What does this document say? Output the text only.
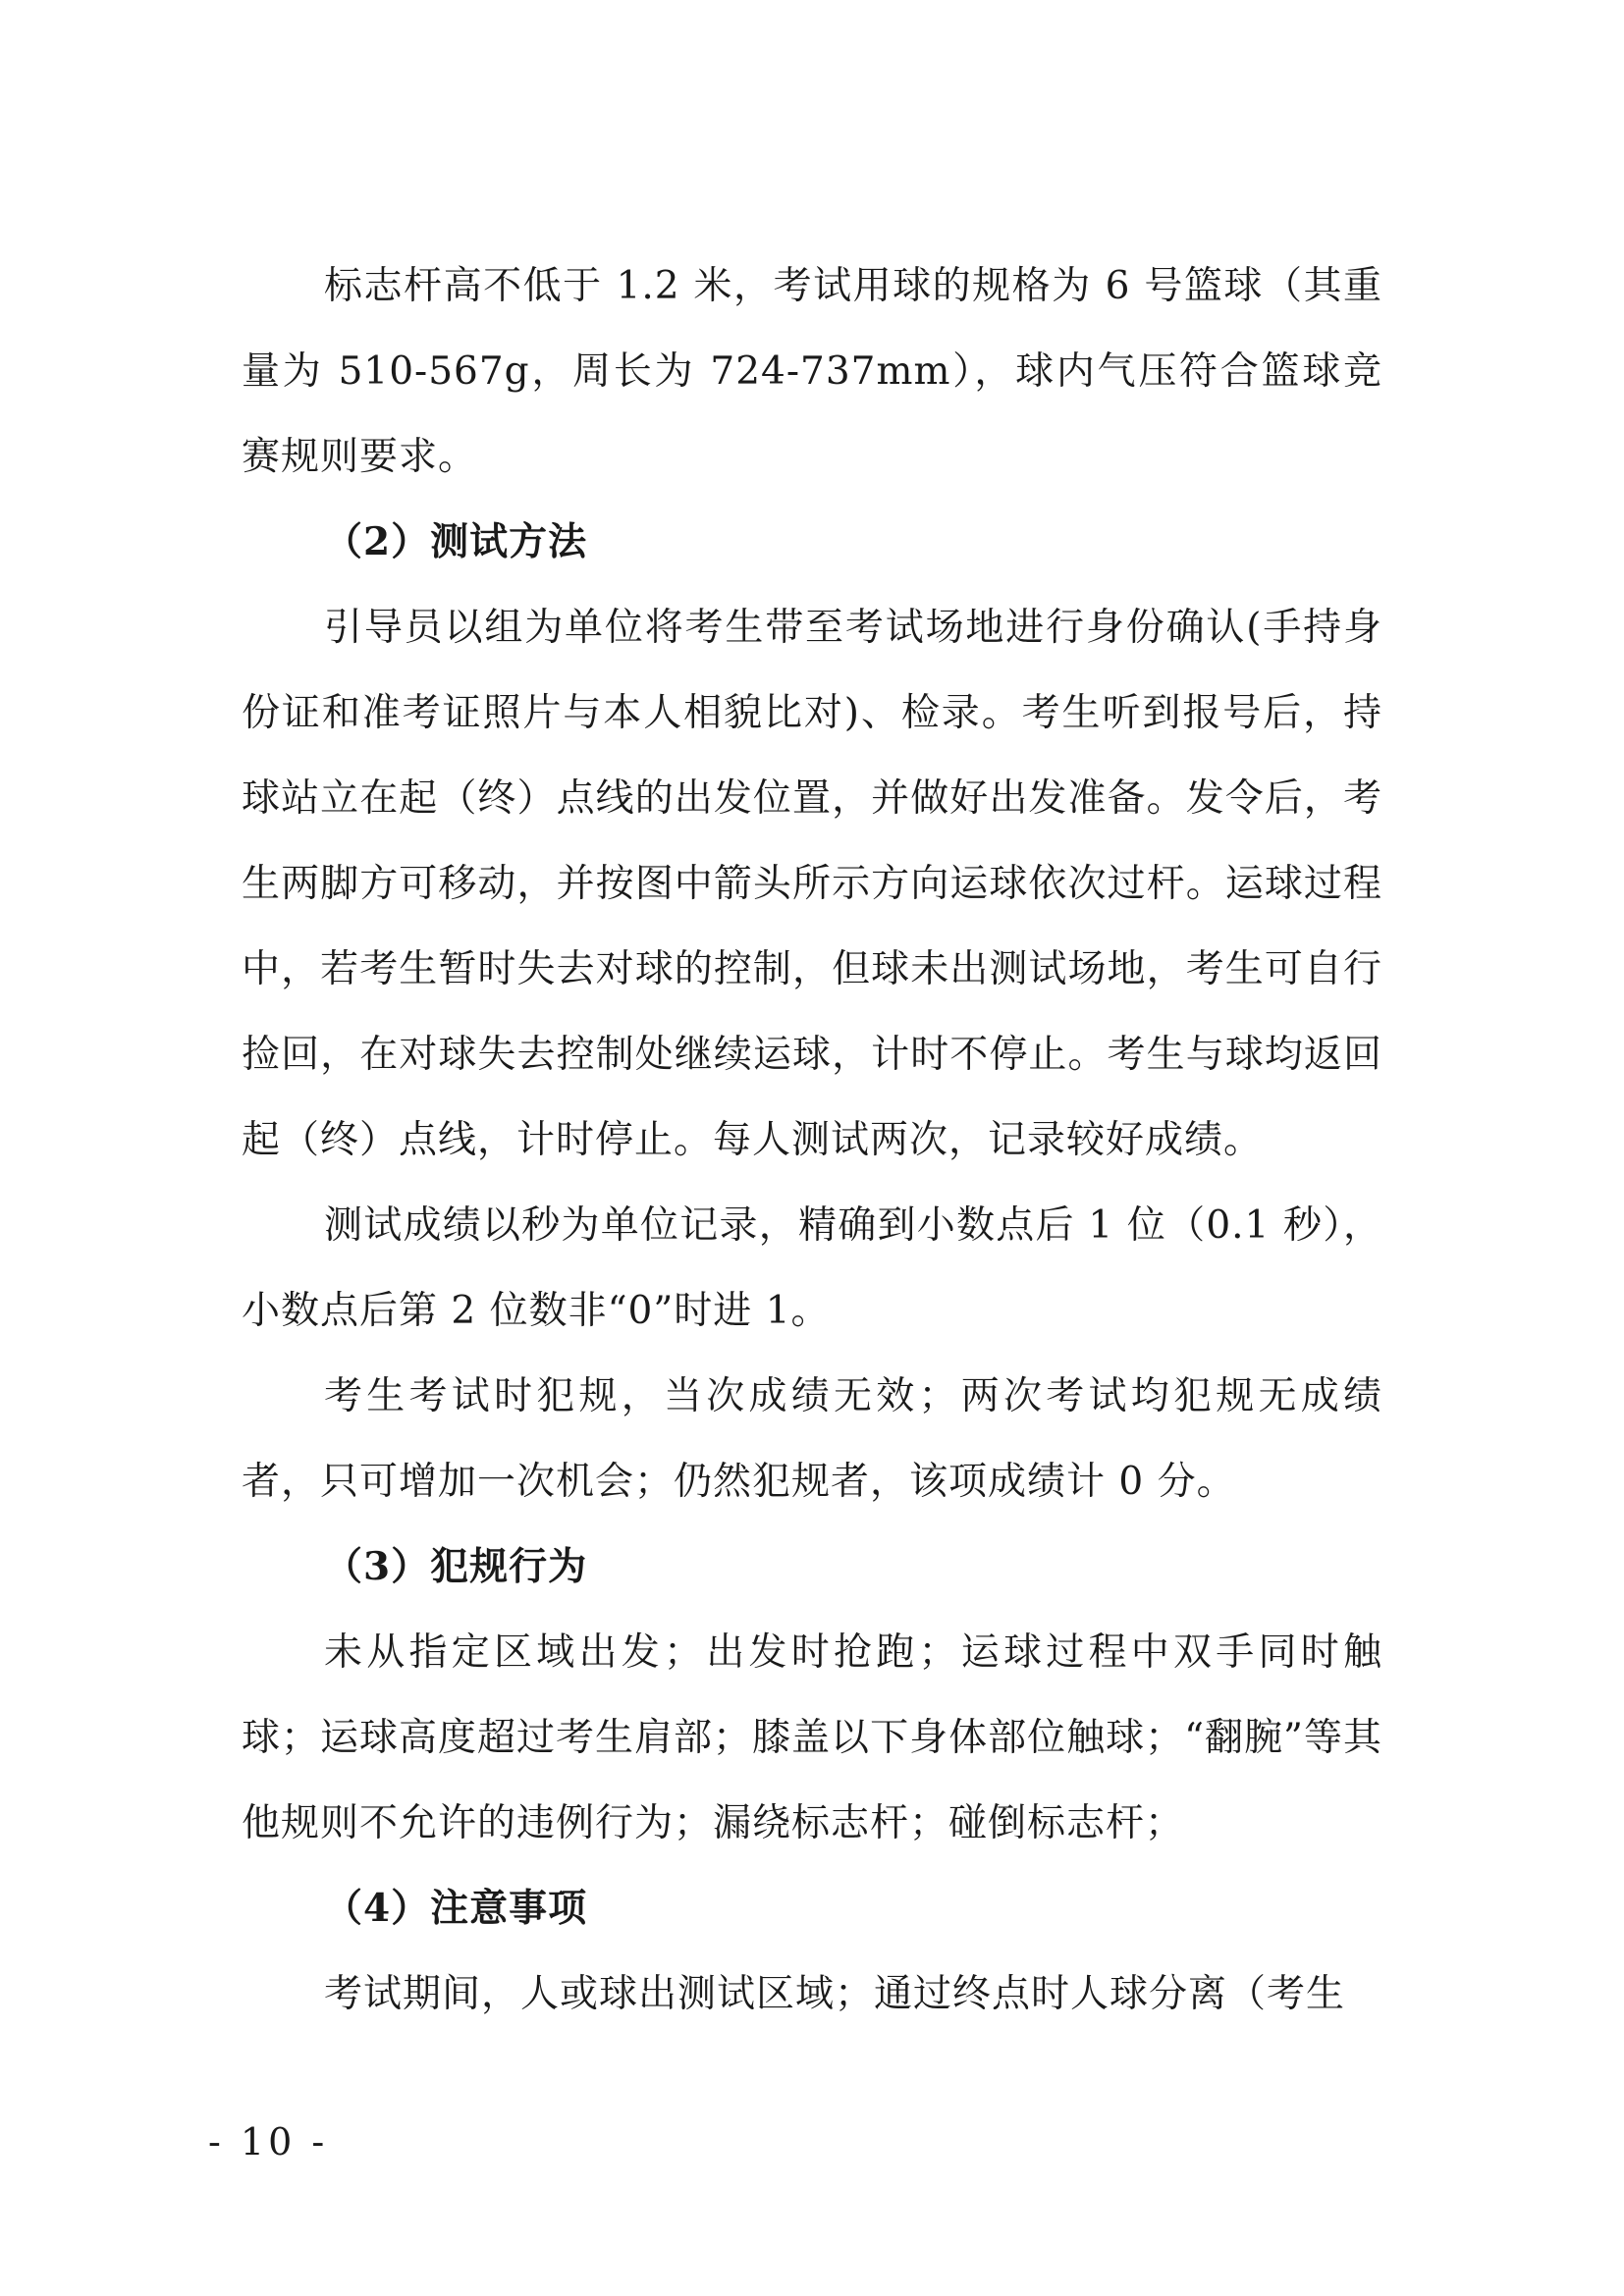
标志杆高不低于 1.2 米，考试用球的规格为 6 号篮球（其重量为 510-567g，周长为 724-737mm），球内气压符合篮球竞赛规则要求。

（2）测试方法

引导员以组为单位将考生带至考试场地进行身份确认(手持身份证和准考证照片与本人相貌比对)、检录。考生听到报号后，持球站立在起（终）点线的出发位置，并做好出发准备。发令后，考生两脚方可移动，并按图中箭头所示方向运球依次过杆。运球过程中，若考生暂时失去对球的控制，但球未出测试场地，考生可自行捡回，在对球失去控制处继续运球，计时不停止。考生与球均返回起（终）点线，计时停止。每人测试两次，记录较好成绩。

测试成绩以秒为单位记录，精确到小数点后 1 位（0.1 秒），小数点后第 2 位数非“0”时进 1。

考生考试时犯规，当次成绩无效；两次考试均犯规无成绩者，只可增加一次机会；仍然犯规者，该项成绩计 0 分。

（3）犯规行为

未从指定区域出发；出发时抢跑；运球过程中双手同时触球；运球高度超过考生肩部；膝盖以下身体部位触球；“翻腕”等其他规则不允许的违例行为；漏绕标志杆；碰倒标志杆；

（4）注意事项

考试期间，人或球出测试区域；通过终点时人球分离（考生

- 10 -
